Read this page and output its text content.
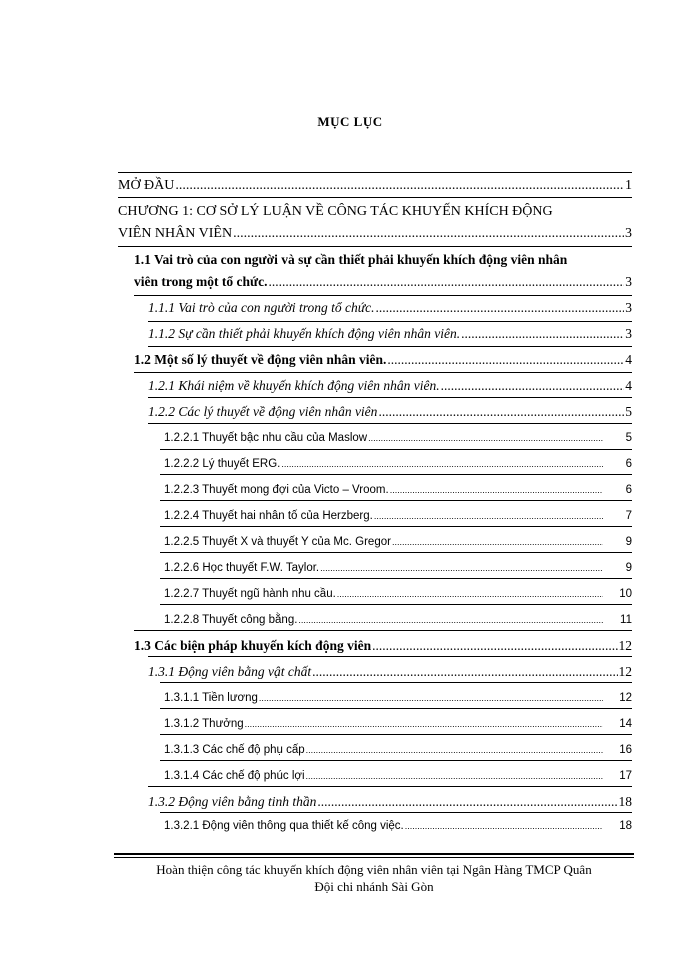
MỤC LỤC
MỞ ĐẦU .....	1
CHƯƠNG 1: CƠ SỞ LÝ LUẬN VỀ CÔNG TÁC KHUYẾN KHÍCH ĐỘNG
VIÊN NHÂN VIÊN .....	3
1.1 Vai trò của con người và sự cần thiết phải khuyến khích động viên nhân
viên trong một tổ chức. .....	3
1.1.1 Vai trò của con người trong tổ chức. .....	3
1.1.2 Sự cần thiết phải khuyến khích động viên nhân viên. .....	3
1.2 Một số lý thuyết về động viên nhân viên. .....	4
1.2.1 Khái niệm về khuyến khích động viên nhân viên. .....	4
1.2.2 Các lý thuyết về động viên nhân viên .....	5
1.2.2.1 Thuyết bậc nhu cầu của Maslow .....	5
1.2.2.2 Lý thuyết ERG. .....	6
1.2.2.3 Thuyết mong đợi của Victo – Vroom. .....	6
1.2.2.4 Thuyết hai nhân tố của Herzberg. .....	7
1.2.2.5 Thuyết X và thuyết Y của Mc. Gregor .....	9
1.2.2.6 Học thuyết F.W. Taylor. .....	9
1.2.2.7 Thuyết ngũ hành nhu cầu. .....	10
1.2.2.8 Thuyết công bằng. .....	11
1.3 Các biện pháp khuyến kích động viên .....	12
1.3.1 Động viên bằng vật chất .....	12
1.3.1.1 Tiền lương .....	12
1.3.1.2 Thưởng .....	14
1.3.1.3 Các chế độ phụ cấp .....	16
1.3.1.4 Các chế độ phúc lợi .....	17
1.3.2 Động viên bằng tinh thần .....	18
1.3.2.1 Động viên thông qua thiết kế công việc. .....	18
Hoàn thiện công tác khuyến khích động viên nhân viên tại Ngân Hàng TMCP Quân
Đội chi nhánh Sài Gòn
